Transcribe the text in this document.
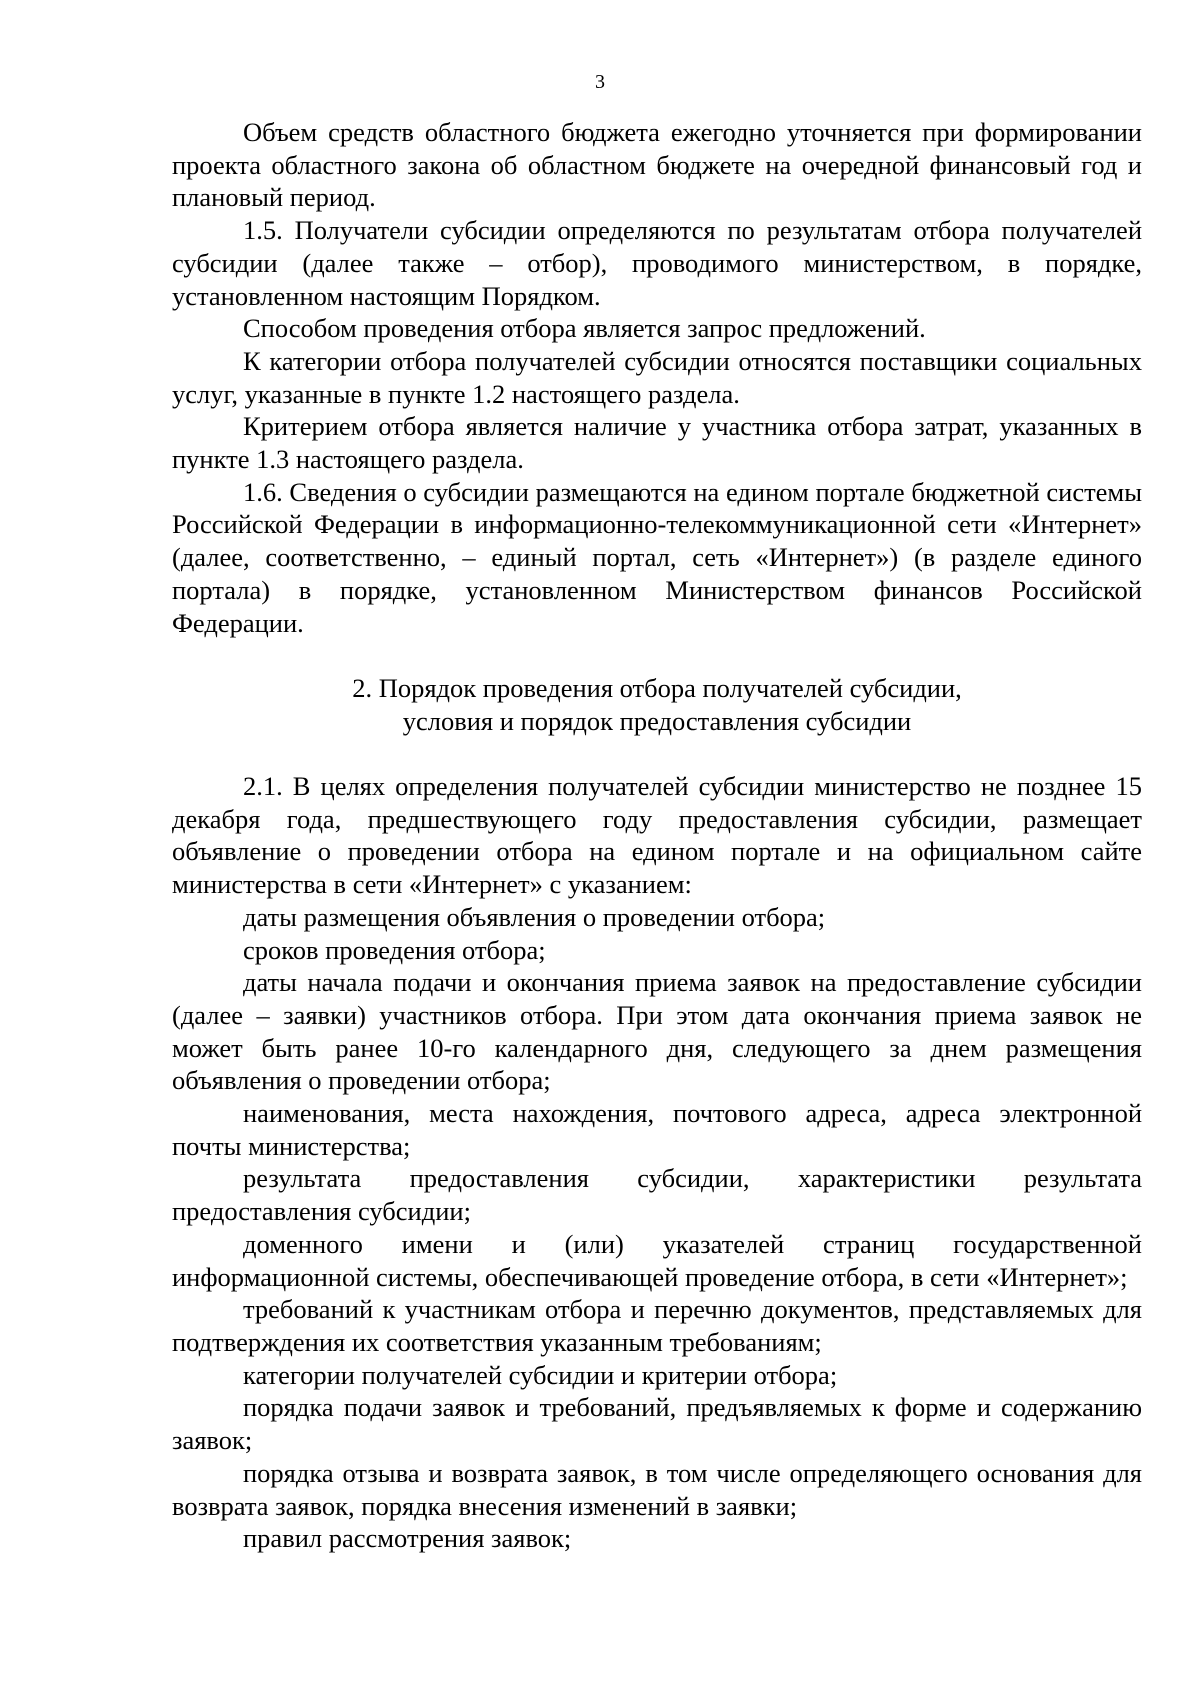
3

Объем средств областного бюджета ежегодно уточняется при формировании проекта областного закона об областном бюджете на очередной финансовый год и плановый период.

1.5. Получатели субсидии определяются по результатам отбора получателей субсидии (далее также – отбор), проводимого министерством, в порядке, установленном настоящим Порядком.

Способом проведения отбора является запрос предложений.

К категории отбора получателей субсидии относятся поставщики социальных услуг, указанные в пункте 1.2 настоящего раздела.

Критерием отбора является наличие у участника отбора затрат, указанных в пункте 1.3 настоящего раздела.

1.6. Сведения о субсидии размещаются на едином портале бюджетной системы Российской Федерации в информационно-телекоммуникационной сети «Интернет» (далее, соответственно, – единый портал, сеть «Интернет») (в разделе единого портала) в порядке, установленном Министерством финансов Российской Федерации.

2. Порядок проведения отбора получателей субсидии,
условия и порядок предоставления субсидии

2.1. В целях определения получателей субсидии министерство не позднее 15 декабря года, предшествующего году предоставления субсидии, размещает объявление о проведении отбора на едином портале и на официальном сайте министерства в сети «Интернет» с указанием:

даты размещения объявления о проведении отбора;

сроков проведения отбора;

даты начала подачи и окончания приема заявок на предоставление субсидии (далее – заявки) участников отбора. При этом дата окончания приема заявок не может быть ранее 10-го календарного дня, следующего за днем размещения объявления о проведении отбора;

наименования, места нахождения, почтового адреса, адреса электронной почты министерства;

результата предоставления субсидии, характеристики результата предоставления субсидии;

доменного имени и (или) указателей страниц государственной информационной системы, обеспечивающей проведение отбора, в сети «Интернет»;

требований к участникам отбора и перечню документов, представляемых для подтверждения их соответствия указанным требованиям;

категории получателей субсидии и критерии отбора;

порядка подачи заявок и требований, предъявляемых к форме и содержанию заявок;

порядка отзыва и возврата заявок, в том числе определяющего основания для возврата заявок, порядка внесения изменений в заявки;

правил рассмотрения заявок;
